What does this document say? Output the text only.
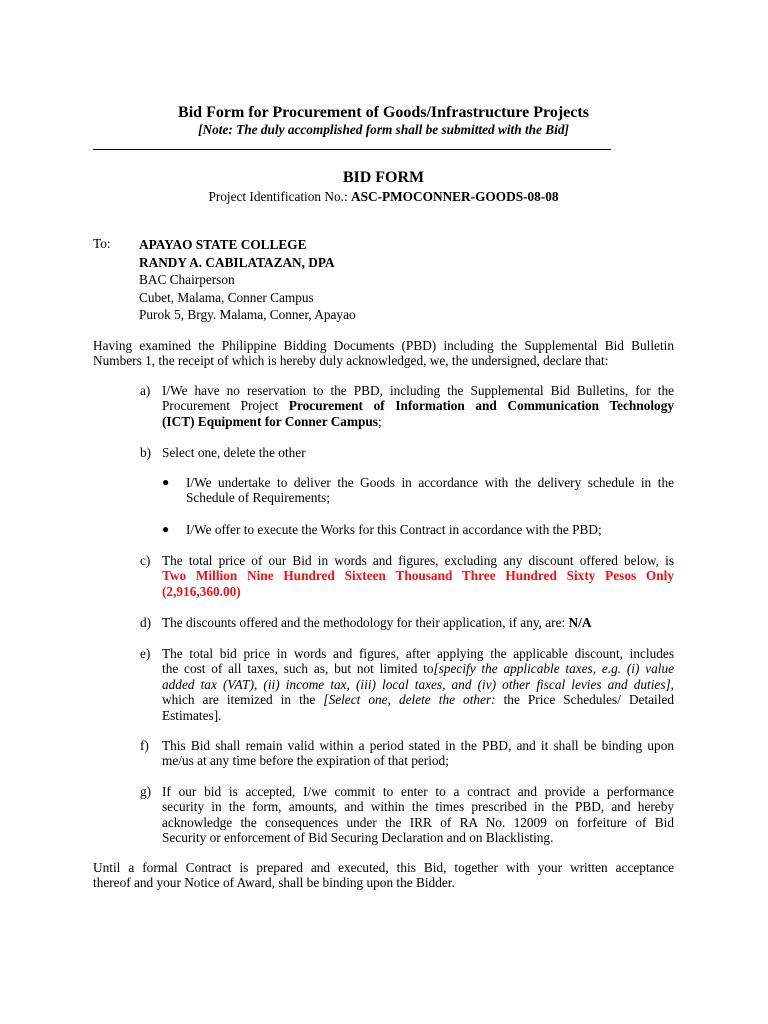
Bid Form for Procurement of Goods/Infrastructure Projects
[Note: The duly accomplished form shall be submitted with the Bid]
BID FORM
Project Identification No.: ASC-PMOCONNER-GOODS-08-08
To: APAYAO STATE COLLEGE
RANDY A. CABILATAZAN, DPA
BAC Chairperson
Cubet, Malama, Conner Campus
Purok 5, Brgy. Malama, Conner, Apayao
Having examined the Philippine Bidding Documents (PBD) including the Supplemental Bid Bulletin
Numbers 1, the receipt of which is hereby duly acknowledged, we, the undersigned, declare that:
a) I/We have no reservation to the PBD, including the Supplemental Bid Bulletins, for the
Procurement Project Procurement of Information and Communication Technology
(ICT) Equipment for Conner Campus;
b) Select one, delete the other
● I/We undertake to deliver the Goods in accordance with the delivery schedule in the
Schedule of Requirements;
● I/We offer to execute the Works for this Contract in accordance with the PBD;
c) The total price of our Bid in words and figures, excluding any discount offered below, is
Two Million Nine Hundred Sixteen Thousand Three Hundred Sixty Pesos Only
(2,916,360.00)
d) The discounts offered and the methodology for their application, if any, are: N/A
e) The total bid price in words and figures, after applying the applicable discount, includes
the cost of all taxes, such as, but not limited to[specify the applicable taxes, e.g. (i) value
added tax (VAT), (ii) income tax, (iii) local taxes, and (iv) other fiscal levies and duties],
which are itemized in the [Select one, delete the other: the Price Schedules/ Detailed
Estimates].
f) This Bid shall remain valid within a period stated in the PBD, and it shall be binding upon
me/us at any time before the expiration of that period;
g) If our bid is accepted, I/we commit to enter to a contract and provide a performance
security in the form, amounts, and within the times prescribed in the PBD, and hereby
acknowledge the consequences under the IRR of RA No. 12009 on forfeiture of Bid
Security or enforcement of Bid Securing Declaration and on Blacklisting.
Until a formal Contract is prepared and executed, this Bid, together with your written acceptance
thereof and your Notice of Award, shall be binding upon the Bidder.
